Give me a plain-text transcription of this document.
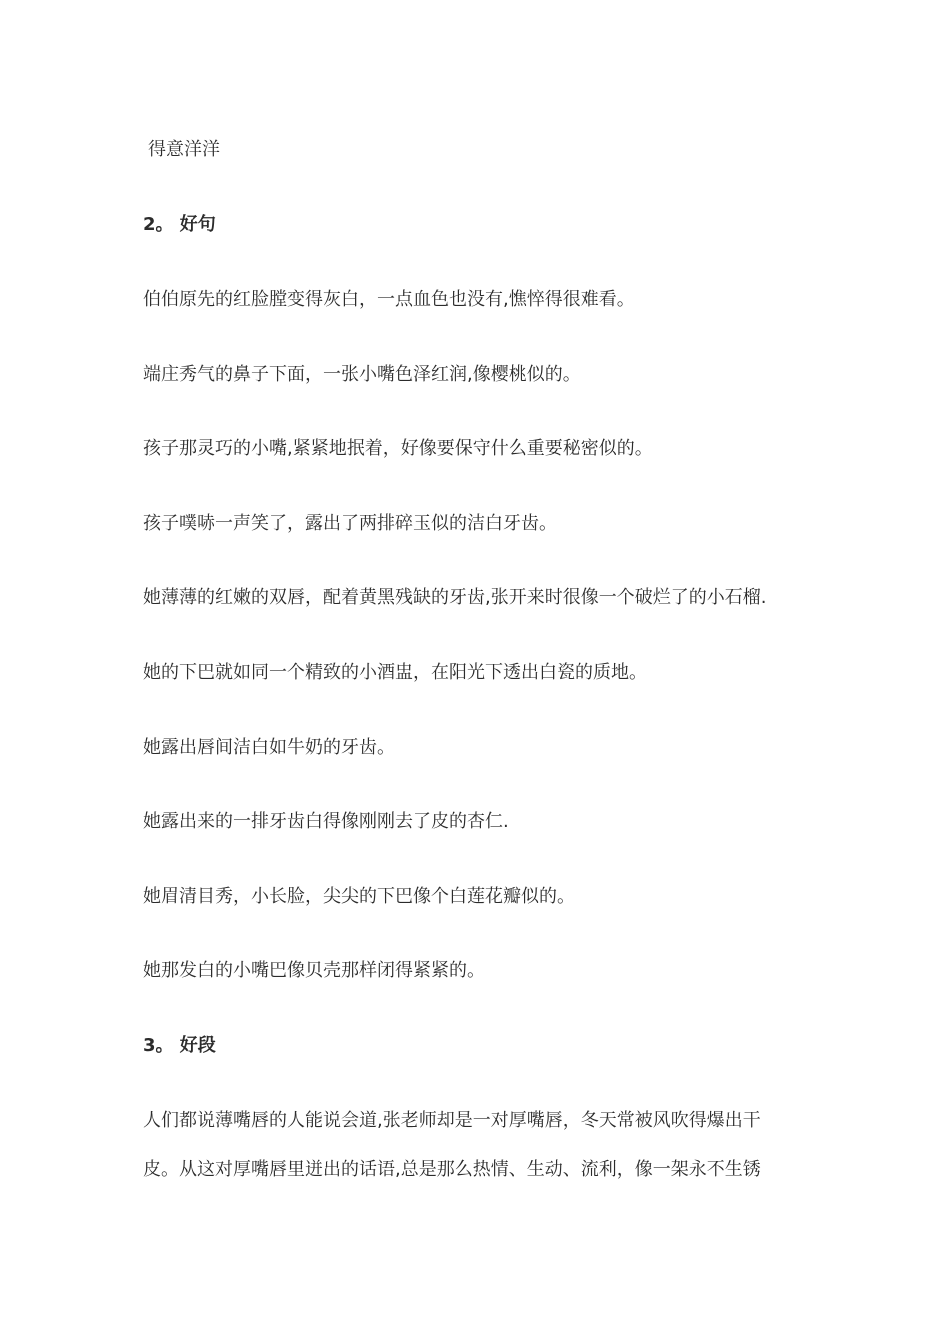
得意洋洋
2。 好句
伯伯原先的红脸膛变得灰白，一点血色也没有,憔悴得很难看。
端庄秀气的鼻子下面，一张小嘴色泽红润,像樱桃似的。
孩子那灵巧的小嘴,紧紧地抿着，好像要保守什么重要秘密似的。
孩子噗哧一声笑了，露出了两排碎玉似的洁白牙齿。
她薄薄的红嫩的双唇，配着黄黑残缺的牙齿,张开来时很像一个破烂了的小石榴.
她的下巴就如同一个精致的小酒盅，在阳光下透出白瓷的质地。
她露出唇间洁白如牛奶的牙齿。
她露出来的一排牙齿白得像刚刚去了皮的杏仁.
她眉清目秀，小长脸，尖尖的下巴像个白莲花瓣似的。
她那发白的小嘴巴像贝壳那样闭得紧紧的。
3。 好段
人们都说薄嘴唇的人能说会道,张老师却是一对厚嘴唇，冬天常被风吹得爆出干
皮。从这对厚嘴唇里迸出的话语,总是那么热情、生动、流利，像一架永不生锈
